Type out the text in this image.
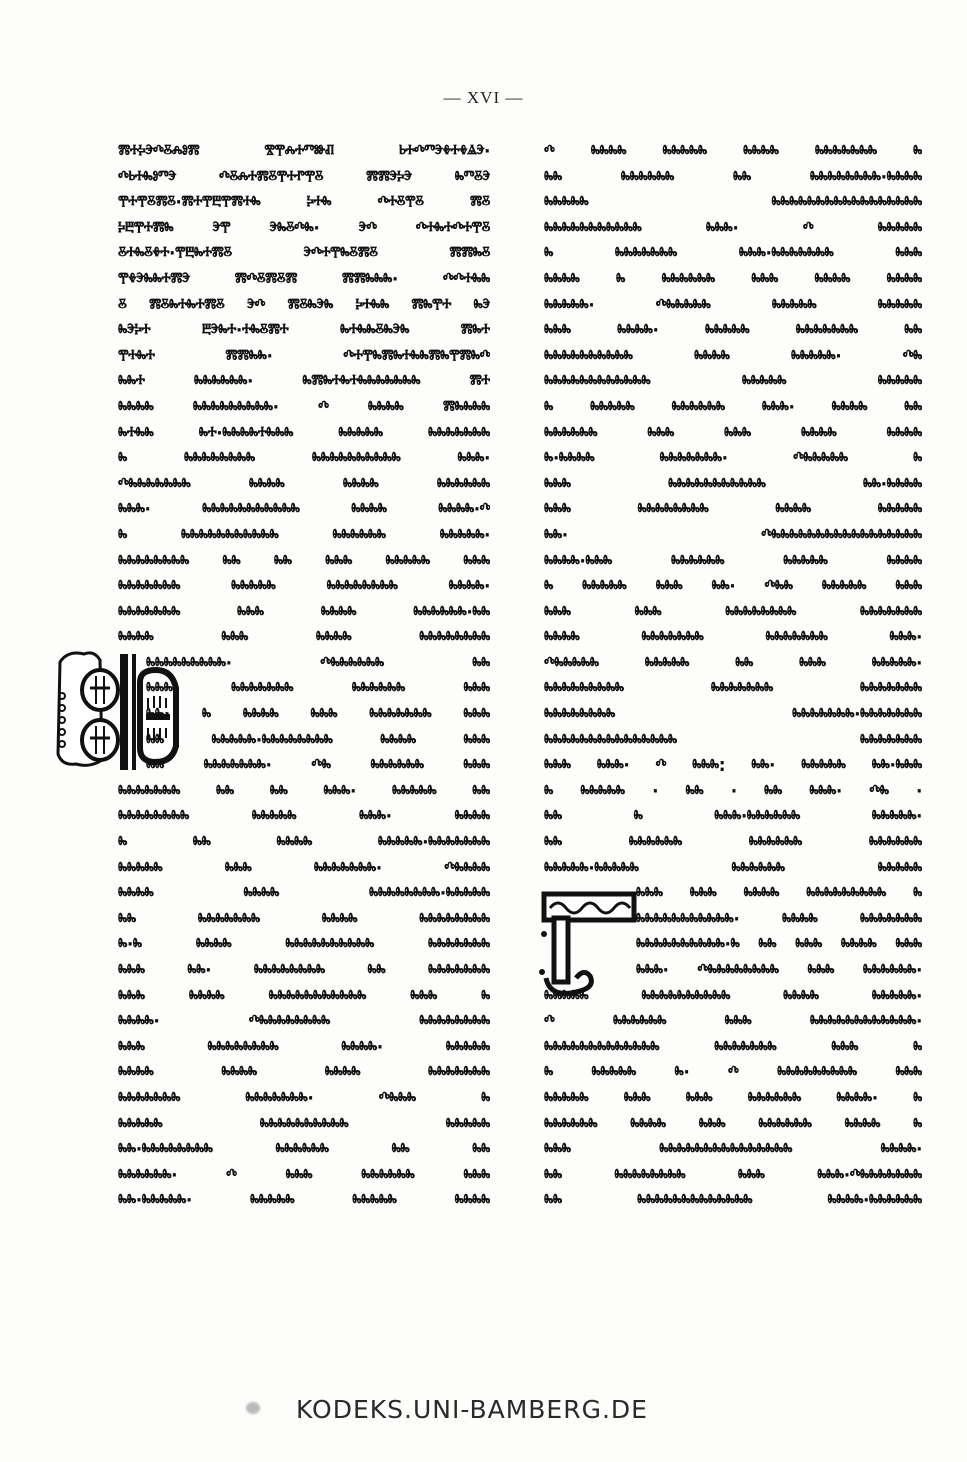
— XVI —
ⰿⰰⰽⰵⰴⰻⰾⱁⰿ ⰺⰹⰾⰰⱅⱆⱊ ⱃⰰⰴⱅⰵⰷⰰⰷⱑⰵ·
ⰴⱃⰰⰸⱁⱅⰵ ⰴⰻⰾⰰⰿⰻⰹⰰⱂⰹⰻ ⰿⰿⰵⰽⰵ ⰸⱅⰻⰵ
ⰹⰰⰹⰻⰿⰻ·ⰿⰰⰹⰱⰹⰿⰰⰸ ⰽⰰⰸ ⰴⰰⰻⰹⰻ ⰿⰻ
ⰽⰱⰹⰰⰿⰸ ⰵⰹ ⰵⰸⰻⰴⰸ· ⰵⰴ ⰴⰰⰸⰰⰴⰰⰹⰻ
ⰻⰰⰸⰻⰷⰰ·ⰹⰱⰸⰰⰿⰻ ⰵⰴⰰⰹⰸⰻⰿⰻ ⰿⰿⰸⰻ
ⰹⰷⰵⰸⰸⰰⰿⰵ ⰿⰴⰻⰿⰻⰿ ⰿⰿⰸⰸⰸ· ⰴⰴⰰⰸⰸ
ⰻ ⰿⰻⰸⰰⰸⰰⰿⰻ ⰵⰴ ⰿⰻⰸⰵⰸ ⰽⰰⰸⰸ ⰿⰸⰹⰰ ⰸⰵ
ⰸⰵⰽⰰ ⰱⰵⰸⰰ·ⰰⰸⰻⰿⰰ ⰸⰰⰸⰸⰻⰸⰵⰸ ⰿⰸⰰ
ⰹⰰⰸⰰ ⰿⰿⰸⰸ· ⰴⰰⰹⰸⰿⰸⰰⰸⰸⰿⰸⰹⰿⰸⰴ
ⰸⰸⰰ ⰸⰸⰸⰸⰸⰸ· ⰸⰿⰸⰰⰸⰰⰸⰸⰸⰸⰸⰸⰸ ⰿⰰ
ⰸⰸⰸⰸ ⰸⰸⰸⰸⰸⰸⰸⰸⰸ· ⰴ ⰸⰸⰸⰸ ⰿⰸⰸⰸⰸ
ⰸⰰⰸⰸ ⰸⰰ·ⰸⰸⰸⰸⰰⰸⰸⰸ ⰸⰸⰸⰸⰸ ⰸⰸⰸⰸⰸⰸⰸ
ⰸ ⰸⰸⰸⰸⰸⰸⰸⰸ ⰸⰸⰸⰸⰸⰸⰸⰸⰸⰸ ⰸⰸⰸ·
ⰴⰸⰸⰸⰸⰸⰸⰸ ⰸⰸⰸⰸ ⰸⰸⰸⰸ ⰸⰸⰸⰸⰸⰸ
ⰸⰸⰸ· ⰸⰸⰸⰸⰸⰸⰸⰸⰸⰸⰸ ⰸⰸⰸⰸ ⰸⰸⰸⰸ·ⰴ
ⰸ ⰸⰸⰸⰸⰸⰸⰸⰸⰸⰸⰸ ⰸⰸⰸⰸⰸⰸ ⰸⰸⰸⰸⰸ·
ⰸⰸⰸⰸⰸⰸⰸⰸ ⰸⰸ ⰸⰸ ⰸⰸⰸ ⰸⰸⰸⰸⰸ ⰸⰸⰸ
ⰸⰸⰸⰸⰸⰸⰸ ⰸⰸⰸⰸⰸ ⰸⰸⰸⰸⰸⰸⰸⰸ ⰸⰸⰸⰸ·
ⰸⰸⰸⰸⰸⰸⰸ ⰸⰸⰸ ⰸⰸⰸⰸ ⰸⰸⰸⰸⰸⰸ·ⰸⰸ
ⰸⰸⰸⰸ ⰸⰸⰸ ⰸⰸⰸⰸ ⰸⰸⰸⰸⰸⰸⰸⰸ
ⰸⰸⰸⰸⰸⰸⰸⰸⰸ· ⰴⰸⰸⰸⰸⰸⰸ ⰸⰸ
ⰸⰸⰸ ⰸⰸⰸⰸⰸⰸⰸ ⰸⰸⰸⰸⰸⰸ ⰸⰸⰸ
ⰸⰸ· ⰸ ⰸⰸⰸⰸ ⰸⰸⰸ ⰸⰸⰸⰸⰸⰸⰸ ⰸⰸⰸ
ⰸⰸ ⰸⰸⰸⰸⰸ·ⰸⰸⰸⰸⰸⰸⰸⰸ ⰸⰸⰸⰸ ⰸⰸⰸ
ⰸⰸ ⰸⰸⰸⰸⰸⰸⰸ· ⰴⰸ ⰸⰸⰸⰸⰸⰸ ⰸⰸⰸ
ⰸⰸⰸⰸⰸⰸⰸ ⰸⰸ ⰸⰸ ⰸⰸⰸ· ⰸⰸⰸⰸⰸ ⰸⰸ
ⰸⰸⰸⰸⰸⰸⰸⰸ ⰸⰸⰸⰸⰸ ⰸⰸⰸ· ⰸⰸⰸⰸ
ⰸ ⰸⰸ ⰸⰸⰸⰸ ⰸⰸⰸⰸⰸ·ⰸⰸⰸⰸⰸⰸⰸ
ⰸⰸⰸⰸⰸ ⰸⰸⰸ ⰸⰸⰸⰸⰸⰸⰸ· ⰴⰸⰸⰸⰸ
ⰸⰸⰸⰸ ⰸⰸⰸⰸ ⰸⰸⰸⰸⰸⰸⰸⰸ·ⰸⰸⰸⰸⰸ
ⰸⰸ ⰸⰸⰸⰸⰸⰸⰸ ⰸⰸⰸⰸ ⰸⰸⰸⰸⰸⰸⰸⰸ
ⰸ·ⰸ ⰸⰸⰸⰸ ⰸⰸⰸⰸⰸⰸⰸⰸⰸⰸ ⰸⰸⰸⰸⰸⰸⰸ
ⰸⰸⰸ ⰸⰸ· ⰸⰸⰸⰸⰸⰸⰸⰸ ⰸⰸ ⰸⰸⰸⰸⰸⰸⰸ
ⰸⰸⰸ ⰸⰸⰸⰸ ⰸⰸⰸⰸⰸⰸⰸⰸⰸⰸⰸ ⰸⰸⰸ ⰸ
ⰸⰸⰸⰸ· ⰴⰸⰸⰸⰸⰸⰸⰸⰸ ⰸⰸⰸⰸⰸⰸⰸⰸ
ⰸⰸⰸ ⰸⰸⰸⰸⰸⰸⰸⰸ ⰸⰸⰸⰸ· ⰸⰸⰸⰸⰸ
ⰸⰸⰸⰸ ⰸⰸⰸⰸ ⰸⰸⰸⰸ ⰸⰸⰸⰸⰸⰸⰸ
ⰸⰸⰸⰸⰸⰸⰸ ⰸⰸⰸⰸⰸⰸⰸ· ⰴⰸⰸⰸ ⰸ
ⰸⰸⰸⰸⰸ ⰸⰸⰸⰸⰸⰸⰸⰸⰸⰸ ⰸⰸⰸⰸⰸ
ⰸⰸ·ⰸⰸⰸⰸⰸⰸⰸⰸ ⰸⰸⰸⰸⰸⰸ ⰸⰸ ⰸⰸ
ⰸⰸⰸⰸⰸⰸ· ⰴ ⰸⰸⰸ ⰸⰸⰸⰸⰸⰸ ⰸⰸⰸ
ⰸⰸ·ⰸⰸⰸⰸⰸ· ⰸⰸⰸⰸⰸ ⰸⰸⰸⰸⰸ ⰸⰸⰸⰸ
ⰴ ⰸⰸⰸⰸ ⰸⰸⰸⰸⰸ ⰸⰸⰸⰸ ⰸⰸⰸⰸⰸⰸⰸ ⰸ
ⰸⰸ ⰸⰸⰸⰸⰸⰸ ⰸⰸ ⰸⰸⰸⰸⰸⰸⰸⰸ·ⰸⰸⰸⰸ
ⰸⰸⰸⰸⰸ ⰸⰸⰸⰸⰸⰸⰸⰸⰸⰸⰸⰸⰸⰸⰸⰸⰸ
ⰸⰸⰸⰸⰸⰸⰸⰸⰸⰸⰸ ⰸⰸⰸ· ⰴ ⰸⰸⰸⰸⰸ
ⰸ ⰸⰸⰸⰸⰸⰸⰸ ⰸⰸⰸ·ⰸⰸⰸⰸⰸⰸⰸ ⰸⰸⰸ
ⰸⰸⰸⰸ ⰸ ⰸⰸⰸⰸⰸⰸ ⰸⰸⰸ ⰸⰸⰸⰸ ⰸⰸⰸⰸ
ⰸⰸⰸⰸⰸ· ⰴⰸⰸⰸⰸⰸ ⰸⰸⰸⰸⰸ ⰸⰸⰸⰸⰸ
ⰸⰸⰸ ⰸⰸⰸⰸ· ⰸⰸⰸⰸⰸ ⰸⰸⰸⰸⰸⰸⰸ ⰸⰸ
ⰸⰸⰸⰸⰸⰸⰸⰸⰸⰸ ⰸⰸⰸⰸ ⰸⰸⰸⰸⰸ· ⰴⰸ
ⰸⰸⰸⰸⰸⰸⰸⰸⰸⰸⰸⰸ ⰸⰸⰸⰸⰸ ⰸⰸⰸⰸⰸ
ⰸ ⰸⰸⰸⰸⰸ ⰸⰸⰸⰸⰸⰸ ⰸⰸⰸ· ⰸⰸⰸⰸ ⰸⰸ
ⰸⰸⰸⰸⰸⰸ ⰸⰸⰸ ⰸⰸⰸ ⰸⰸⰸⰸ ⰸⰸⰸⰸ
ⰸ·ⰸⰸⰸⰸ ⰸⰸⰸⰸⰸⰸⰸ· ⰴⰸⰸⰸⰸⰸ ⰸ
ⰸⰸⰸ ⰸⰸⰸⰸⰸⰸⰸⰸⰸⰸⰸ ⰸⰸ·ⰸⰸⰸⰸ
ⰸⰸⰸ ⰸⰸⰸⰸⰸⰸⰸⰸ ⰸⰸⰸⰸ ⰸⰸⰸⰸⰸ
ⰸⰸ· ⰴⰸⰸⰸⰸⰸⰸⰸⰸⰸⰸⰸⰸⰸⰸⰸⰸⰸ
ⰸⰸⰸⰸ·ⰸⰸⰸ ⰸⰸⰸⰸⰸⰸ ⰸⰸⰸⰸⰸ ⰸⰸⰸⰸ
ⰸ ⰸⰸⰸⰸⰸ ⰸⰸⰸ ⰸⰸ· ⰴⰸⰸ ⰸⰸⰸⰸⰸ ⰸⰸⰸ
ⰸⰸⰸ ⰸⰸⰸ ⰸⰸⰸⰸⰸⰸⰸⰸ ⰸⰸⰸⰸⰸⰸⰸ
ⰸⰸⰸⰸ ⰸⰸⰸⰸⰸⰸⰸ ⰸⰸⰸⰸⰸⰸⰸ ⰸⰸⰸ·
ⰴⰸⰸⰸⰸⰸ ⰸⰸⰸⰸⰸ ⰸⰸ ⰸⰸⰸ ⰸⰸⰸⰸⰸ·
ⰸⰸⰸⰸⰸⰸⰸⰸⰸ ⰸⰸⰸⰸⰸⰸⰸ ⰸⰸⰸⰸⰸⰸⰸ
ⰸⰸⰸⰸⰸⰸⰸⰸ ⰸⰸⰸⰸⰸⰸⰸ·ⰸⰸⰸⰸⰸⰸⰸ
ⰸⰸⰸⰸⰸⰸⰸⰸⰸⰸⰸⰸⰸⰸⰸ ⰸⰸⰸⰸⰸⰸⰸ
ⰸⰸⰸ ⰸⰸⰸ· ⰴ ⰸⰸⰸ: ⰸⰸ· ⰸⰸⰸⰸⰸ ⰸⰸ·ⰸⰸⰸ
ⰸ ⰸⰸⰸⰸⰸ · ⰸⰸ · ⰸⰸ ⰸⰸⰸ· ⰴⰸ ·
ⰸⰸ ⰸ ⰸⰸⰸ·ⰸⰸⰸⰸⰸⰸ ⰸⰸⰸⰸⰸ·
ⰸⰸ ⰸⰸⰸⰸⰸⰸ ⰸⰸⰸⰸⰸⰸ ⰸⰸⰸⰸⰸⰸ
ⰸⰸⰸⰸⰸ·ⰸⰸⰸⰸⰸ ⰸⰸⰸⰸⰸⰸ ⰸⰸⰸⰸⰸ
ⰸⰸⰸ ⰸⰸⰸ ⰸⰸⰸⰸ ⰸⰸⰸⰸⰸⰸⰸⰸⰸ ⰸ
ⰸⰸⰸⰸⰸⰸⰸⰸⰸⰸⰸ· ⰸⰸⰸⰸ ⰸⰸⰸⰸⰸⰸⰸ
ⰸⰸⰸⰸⰸⰸⰸⰸⰸⰸ·ⰸ ⰸⰸ ⰸⰸⰸ ⰸⰸⰸⰸ ⰸⰸⰸ
ⰸⰸⰸ· ⰴⰸⰸⰸⰸⰸⰸⰸⰸ ⰸⰸⰸ ⰸⰸⰸⰸⰸⰸ·
ⰸⰸⰸⰸⰸ ⰸⰸⰸⰸⰸⰸⰸⰸⰸⰸ ⰸⰸⰸⰸ ⰸⰸⰸⰸⰸ·
ⰴ ⰸⰸⰸⰸⰸⰸ ⰸⰸⰸ ⰸⰸⰸⰸⰸⰸⰸⰸⰸⰸⰸⰸ·
ⰸⰸⰸⰸⰸⰸⰸⰸⰸⰸⰸⰸⰸ ⰸⰸⰸⰸⰸⰸⰸ ⰸⰸⰸ ⰸ
ⰸ ⰸⰸⰸⰸⰸ ⰸ· ⰴ ⰸⰸⰸⰸⰸⰸⰸⰸⰸ ⰸⰸⰸ
ⰸⰸⰸⰸⰸ ⰸⰸⰸ ⰸⰸⰸ ⰸⰸⰸⰸⰸⰸ ⰸⰸⰸⰸ· ⰸ
ⰸⰸⰸⰸⰸⰸ ⰸⰸⰸⰸ ⰸⰸⰸ ⰸⰸⰸⰸⰸⰸ ⰸⰸⰸⰸ ⰸ
ⰸⰸⰸ ⰸⰸⰸⰸⰸⰸⰸⰸⰸⰸⰸⰸⰸⰸⰸ ⰸⰸⰸⰸ·
ⰸⰸ ⰸⰸⰸⰸⰸⰸⰸⰸ ⰸⰸⰸ ⰸⰸⰸ·ⰴⰸⰸⰸⰸⰸⰸⰸ
ⰸⰸ ⰸⰸⰸⰸⰸⰸⰸⰸⰸⰸⰸⰸⰸ ⰸⰸⰸⰸ·ⰸⰸⰸⰸⰸⰸ
KODEKS.UNI-BAMBERG.DE
